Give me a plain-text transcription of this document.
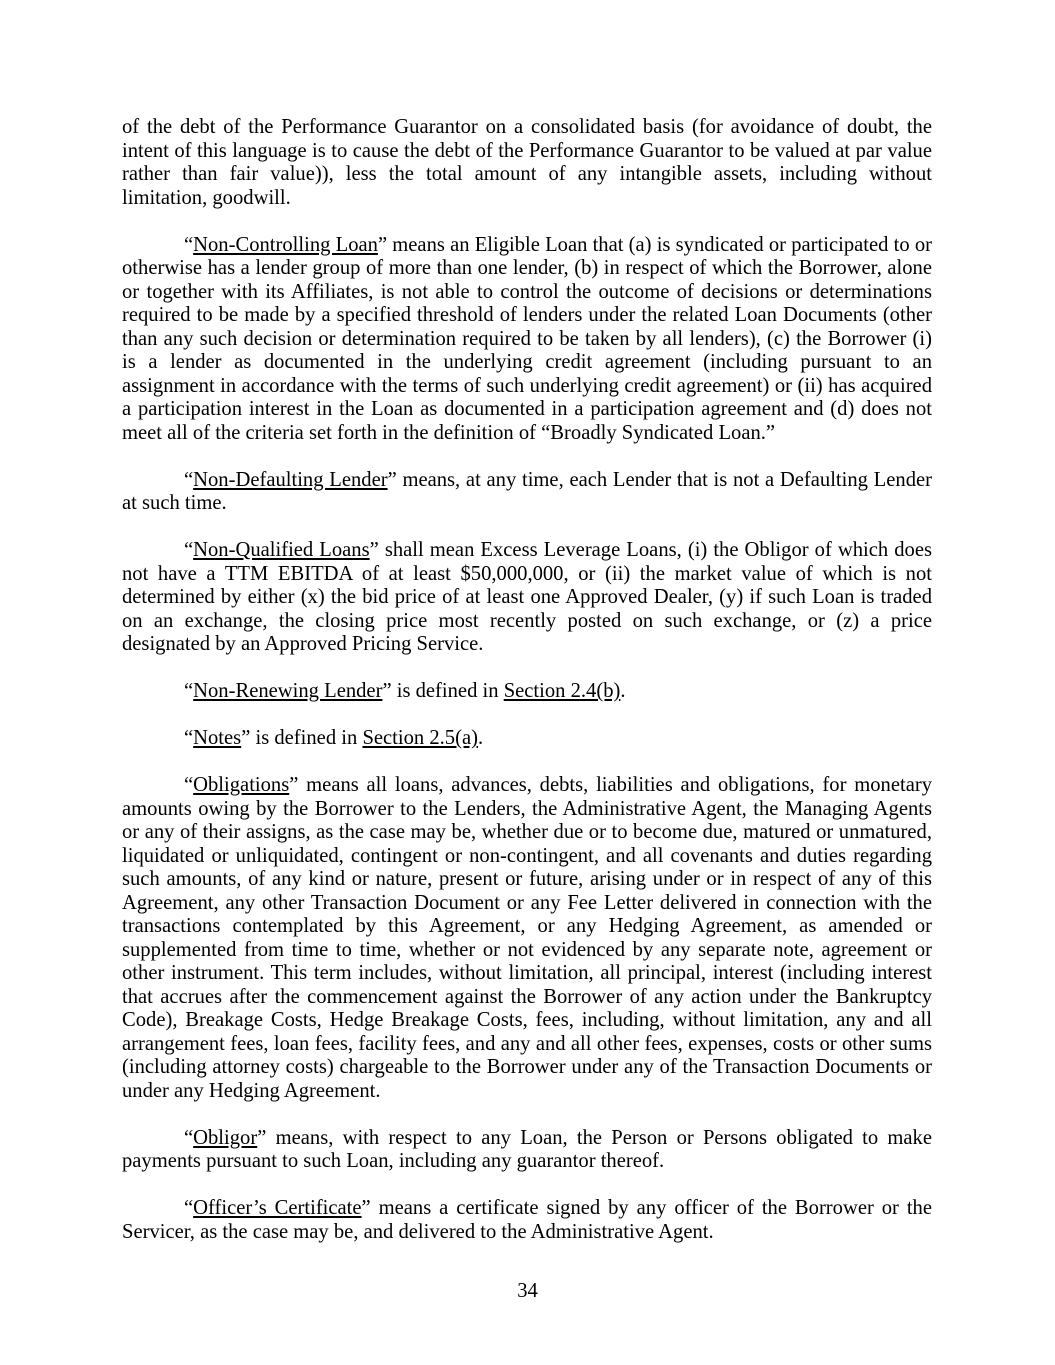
of the debt of the Performance Guarantor on a consolidated basis (for avoidance of doubt, the intent of this language is to cause the debt of the Performance Guarantor to be valued at par value rather than fair value)), less the total amount of any intangible assets, including without limitation, goodwill.

“Non-Controlling Loan” means an Eligible Loan that (a) is syndicated or participated to or otherwise has a lender group of more than one lender, (b) in respect of which the Borrower, alone or together with its Affiliates, is not able to control the outcome of decisions or determinations required to be made by a specified threshold of lenders under the related Loan Documents (other than any such decision or determination required to be taken by all lenders), (c) the Borrower (i) is a lender as documented in the underlying credit agreement (including pursuant to an assignment in accordance with the terms of such underlying credit agreement) or (ii) has acquired a participation interest in the Loan as documented in a participation agreement and (d) does not meet all of the criteria set forth in the definition of “Broadly Syndicated Loan.”

“Non-Defaulting Lender” means, at any time, each Lender that is not a Defaulting Lender at such time.

“Non-Qualified Loans” shall mean Excess Leverage Loans, (i) the Obligor of which does not have a TTM EBITDA of at least $50,000,000, or (ii) the market value of which is not determined by either (x) the bid price of at least one Approved Dealer, (y) if such Loan is traded on an exchange, the closing price most recently posted on such exchange, or (z) a price designated by an Approved Pricing Service.

“Non-Renewing Lender” is defined in Section 2.4(b).

“Notes” is defined in Section 2.5(a).

“Obligations” means all loans, advances, debts, liabilities and obligations, for monetary amounts owing by the Borrower to the Lenders, the Administrative Agent, the Managing Agents or any of their assigns, as the case may be, whether due or to become due, matured or unmatured, liquidated or unliquidated, contingent or non-contingent, and all covenants and duties regarding such amounts, of any kind or nature, present or future, arising under or in respect of any of this Agreement, any other Transaction Document or any Fee Letter delivered in connection with the transactions contemplated by this Agreement, or any Hedging Agreement, as amended or supplemented from time to time, whether or not evidenced by any separate note, agreement or other instrument. This term includes, without limitation, all principal, interest (including interest that accrues after the commencement against the Borrower of any action under the Bankruptcy Code), Breakage Costs, Hedge Breakage Costs, fees, including, without limitation, any and all arrangement fees, loan fees, facility fees, and any and all other fees, expenses, costs or other sums (including attorney costs) chargeable to the Borrower under any of the Transaction Documents or under any Hedging Agreement.

“Obligor” means, with respect to any Loan, the Person or Persons obligated to make payments pursuant to such Loan, including any guarantor thereof.

“Officer’s Certificate” means a certificate signed by any officer of the Borrower or the Servicer, as the case may be, and delivered to the Administrative Agent.

34
